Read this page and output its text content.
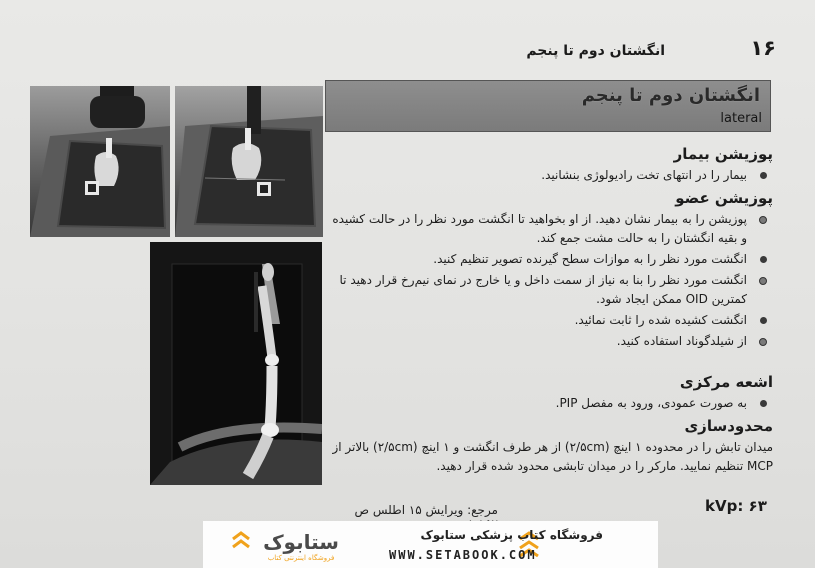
۱۶
انگشتان دوم تا پنجم
انگشتان دوم تا پنجم
lateral
پوزیشن بیمار
بیمار را در انتهای تخت رادیولوژی بنشانید.
پوزیشن عضو
پوزیشن را به بیمار نشان دهید. از او بخواهید تا انگشت مورد نظر را در حالت کشیده و بقیه انگشتان را به حالت مشت جمع کند.
انگشت مورد نظر را به موازات سطح گیرنده تصویر تنظیم کنید.
انگشت مورد نظر را بنا به نیاز از سمت داخل و یا خارج در نمای نیم‌رخ قرار دهید تا کمترین OID ممکن ایجاد شود.
انگشت کشیده شده را ثابت نمائید.
از شیلدگوناد استفاده کنید.
اشعه مرکزی
به صورت عمودی، ورود به مفصل PIP.
محدودسازی
میدان تابش را در محدوده ۱ اینچ (۲/۵cm) از هر طرف انگشت و ۱ اینچ (۲/۵cm) بالاتر از MCP تنظیم نمایید. مارکر را در میدان تابشی محدود شده قرار دهید.
مرجع: ویرایش ۱۵ اطلس ص	kVp: ۶۳
ستابوک
فروشگاه اینترنتی کتاب
فروشگاه کتاب پزشکی ستابوک
WWW.SETABOOK.COM
